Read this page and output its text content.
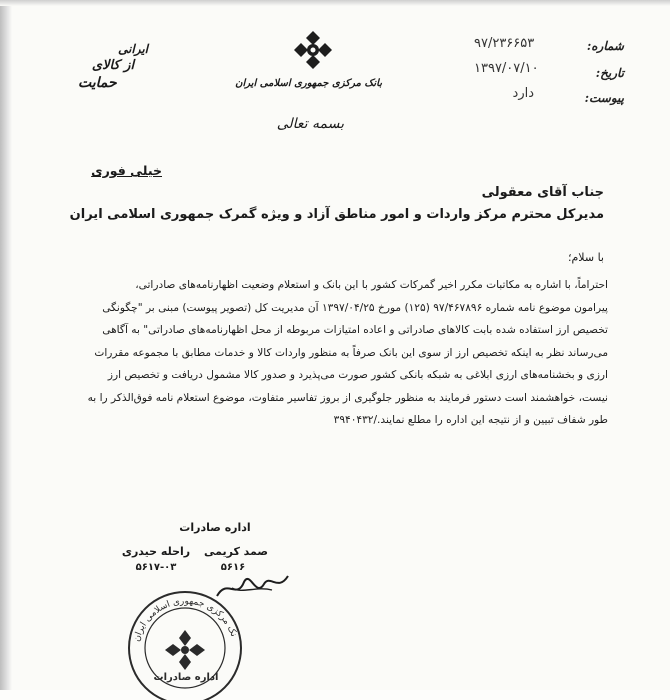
شماره:
۹۷/۲۳۶۶۵۳
تاریخ:
۱۳۹۷/۰۷/۱۰
پیوست:
دارد
بانک مرکزی جمهوری اسلامی ایران
بسمه تعالی
ایرانی
از کالای
حمایت
خیلی فوری
جناب آقای معقولی
مدیرکل محترم مرکز واردات و امور مناطق آزاد و ویژه گمرک جمهوری اسلامی ایران
با سلام؛
احتراماً، با اشاره به مکاتبات مکرر اخیر گمرکات کشور با این بانک و استعلام وضعیت اظهارنامه‌های صادراتی،
پیرامون موضوع نامه شماره ۹۷/۴۶۷۸۹۶ (۱۲۵) مورخ ۱۳۹۷/۰۴/۲۵ آن مدیریت کل (تصویر پیوست) مبنی بر "چگونگی
تخصیص ارز استفاده شده بابت کالاهای صادراتی و اعاده امتیازات مربوطه از محل اظهارنامه‌های صادراتی" به آگاهی
می‌رساند نظر به اینکه تخصیص ارز از سوی این بانک صرفاً به منظور واردات کالا و خدمات مطابق با مجموعه مقررات
ارزی و بخشنامه‌های ارزی ابلاغی به شبکه بانکی کشور صورت می‌پذیرد و صدور کالا مشمول دریافت و تخصیص ارز
نیست، خواهشمند است دستور فرمایند به منظور جلوگیری از بروز تفاسیر متفاوت، موضوع استعلام نامه فوق‌الذکر را به
طور شفاف تبیین و از نتیجه این اداره را مطلع نمایند./۳۹۴۰۴۳۲
اداره صادرات
صمد کریمی
۵۶۱۶
راحله حیدری
۵۶۱۷-۰۳
نک مرکزی جمهوری اسلامی ایران
اداره صادرات
